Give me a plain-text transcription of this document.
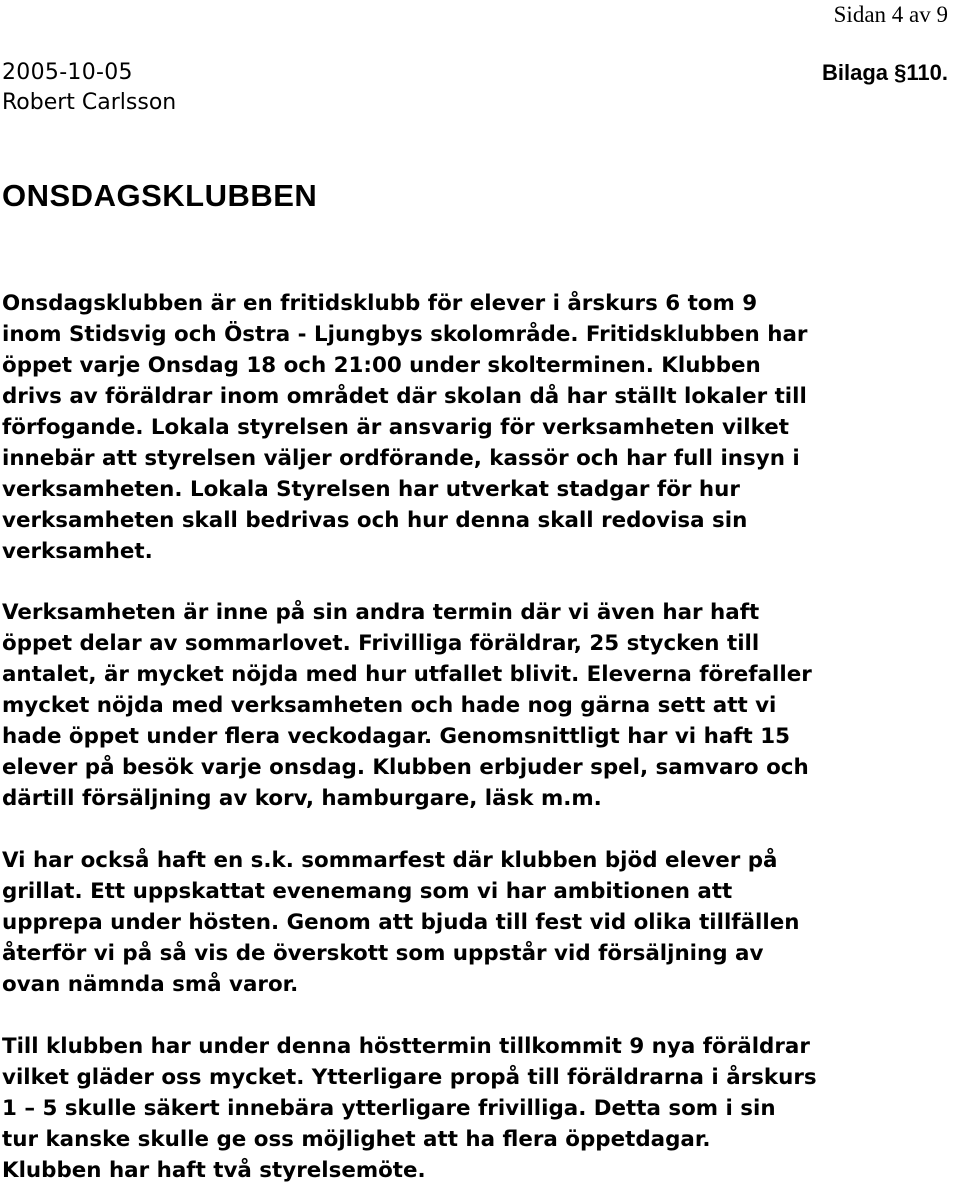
Sidan 4 av 9
2005-10-05
Robert Carlsson
Bilaga §110.
ONSDAGSKLUBBEN
Onsdagsklubben är en fritidsklubb för elever i årskurs 6 tom 9
inom Stidsvig och Östra - Ljungbys skolområde. Fritidsklubben har
öppet varje Onsdag 18 och 21:00 under skolterminen. Klubben
drivs av föräldrar inom området där skolan då har ställt lokaler till
förfogande. Lokala styrelsen är ansvarig för verksamheten vilket
innebär att styrelsen väljer ordförande, kassör och har full insyn i
verksamheten. Lokala Styrelsen har utverkat stadgar för hur
verksamheten skall bedrivas och hur denna skall redovisa sin
verksamhet.
Verksamheten är inne på sin andra termin där vi även har haft
öppet delar av sommarlovet. Frivilliga föräldrar, 25 stycken till
antalet, är mycket nöjda med hur utfallet blivit. Eleverna förefaller
mycket nöjda med verksamheten och hade nog gärna sett att vi
hade öppet under flera veckodagar. Genomsnittligt har vi haft 15
elever på besök varje onsdag. Klubben erbjuder spel, samvaro och
därtill försäljning av korv, hamburgare, läsk m.m.
Vi har också haft en s.k. sommarfest där klubben bjöd elever på
grillat. Ett uppskattat evenemang som vi har ambitionen att
upprepa under hösten. Genom att bjuda till fest vid olika tillfällen
återför vi på så vis de överskott som uppstår vid försäljning av
ovan nämnda små varor.
Till klubben har under denna hösttermin tillkommit 9 nya föräldrar
vilket gläder oss mycket. Ytterligare propå till föräldrarna i årskurs
1 – 5 skulle säkert innebära ytterligare frivilliga. Detta som i sin
tur kanske skulle ge oss möjlighet att ha flera öppetdagar.
Klubben har haft två styrelsemöte.
